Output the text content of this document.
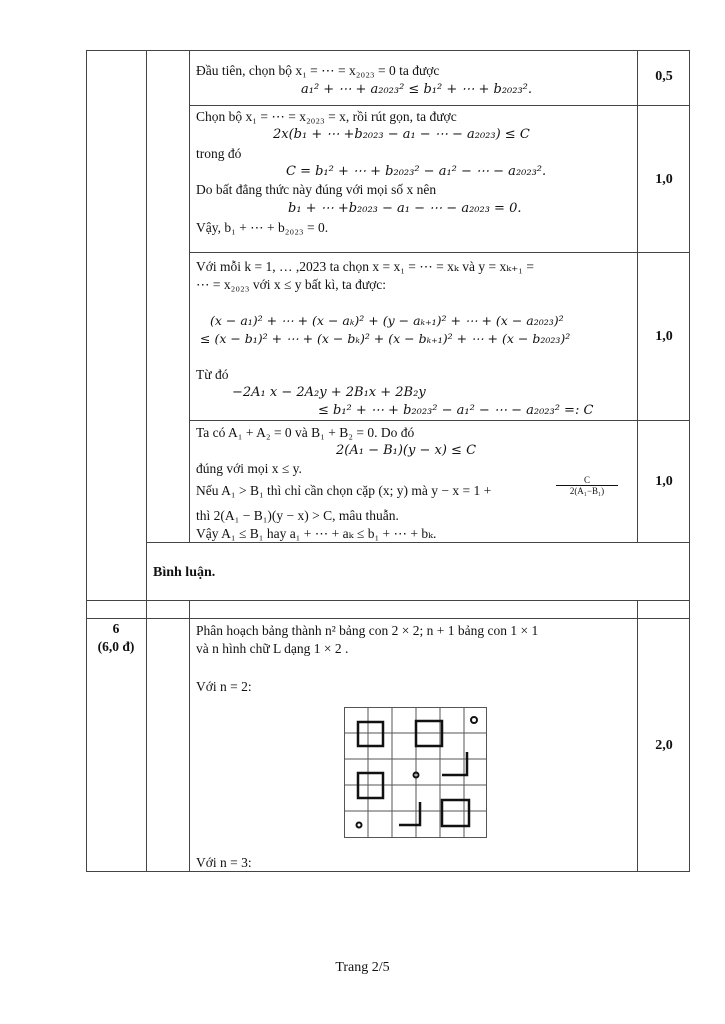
Đầu tiên, chọn bộ x₁ = ⋯ = x₂₀₂₃ = 0 ta được
a₁² + ⋯ + a₂₀₂₃² ≤ b₁² + ⋯ + b₂₀₂₃².
0,5
Chọn bộ x₁ = ⋯ = x₂₀₂₃ = x, rồi rút gọn, ta được
2x(b₁ + ⋯ +b₂₀₂₃ − a₁ − ⋯ − a₂₀₂₃) ≤ C
trong đó
C = b₁² + ⋯ + b₂₀₂₃² − a₁² − ⋯ − a₂₀₂₃².
Do bất đẳng thức này đúng với mọi số x nên
b₁ + ⋯ +b₂₀₂₃ − a₁ − ⋯ − a₂₀₂₃ = 0.
Vậy, b₁ + ⋯ + b₂₀₂₃ = 0.
1,0
Với mỗi k = 1, … ,2023 ta chọn x = x₁ = ⋯ = xₖ và y = xₖ₊₁ =
⋯ = x₂₀₂₃ với x ≤ y bất kì, ta được:
(x − a₁)² + ⋯ + (x − aₖ)² + (y − aₖ₊₁)² + ⋯ + (x − a₂₀₂₃)²
≤ (x − b₁)² + ⋯ + (x − bₖ)² + (x − bₖ₊₁)² + ⋯ + (x − b₂₀₂₃)²
Từ đó
−2A₁ x − 2A₂y + 2B₁x + 2B₂y
≤ b₁² + ⋯ + b₂₀₂₃² − a₁² − ⋯ − a₂₀₂₃² =: C
1,0
Ta có A₁ + A₂ = 0 và B₁ + B₂ = 0. Do đó
2(A₁ − B₁)(y − x) ≤ C
đúng với mọi x ≤ y.
Nếu A₁ > B₁ thì chỉ cần chọn cặp (x; y) mà y − x = 1 +	$\frac{C}{\text{2(A₁−B₁)}}$
thì 2(A₁ − B₁)(y − x) > C, mâu thuẫn.
Vậy A₁ ≤ B₁ hay a₁ + ⋯ + aₖ ≤ b₁ + ⋯ + bₖ.
1,0
Bình luận.
6
(6,0 đ)
Phân hoạch bảng thành n² bảng con 2 × 2; n + 1 bảng con 1 × 1
và n hình chữ L dạng 1 × 2 .
Với n = 2:
Với n = 3:
2,0
Trang 2/5
